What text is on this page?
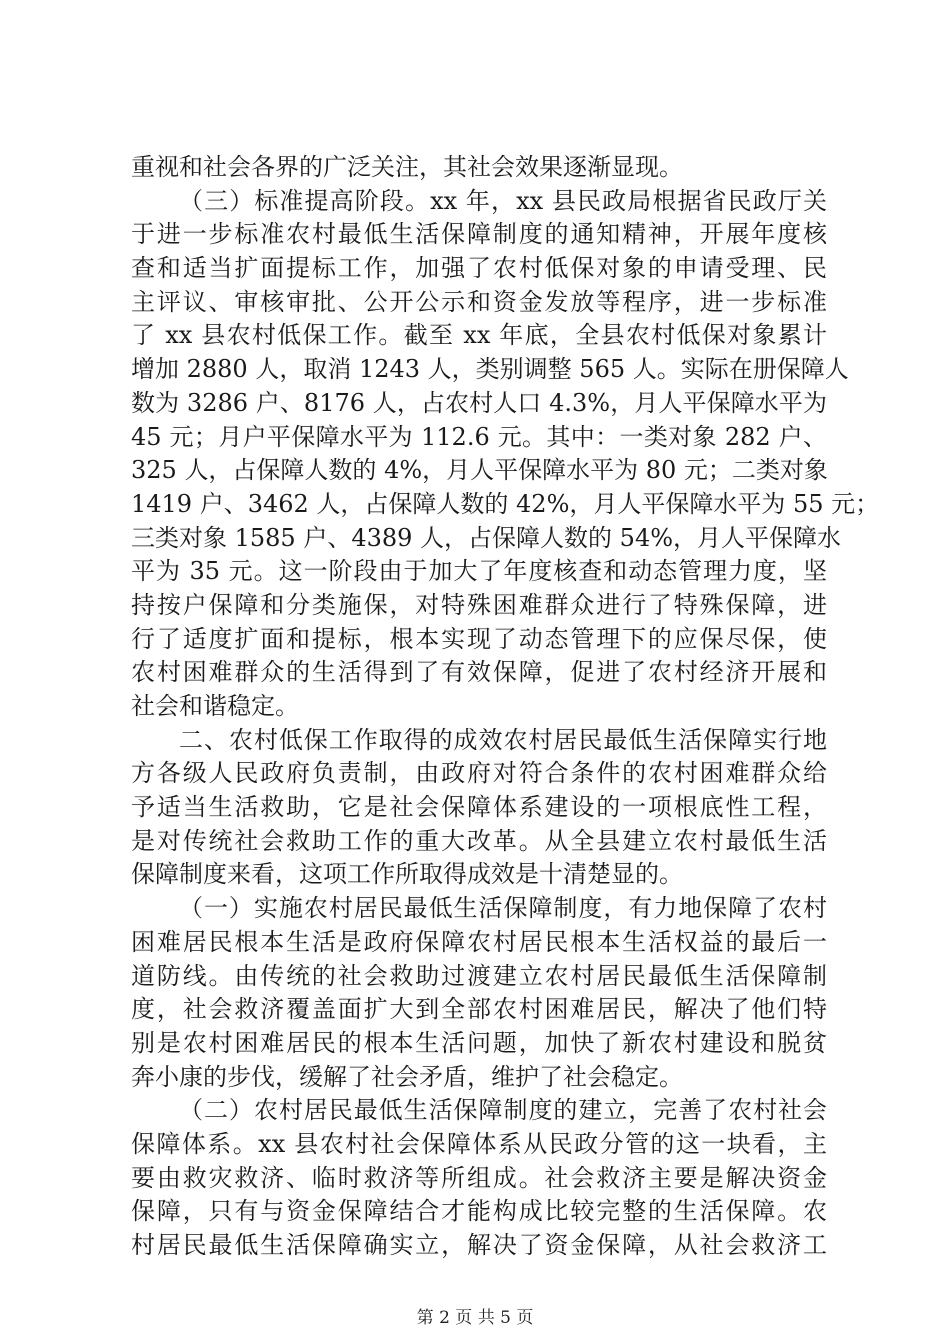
重视和社会各界的广泛关注，其社会效果逐渐显现。
（三）标准提高阶段。xx 年，xx 县民政局根据省民政厅关
于进一步标准农村最低生活保障制度的通知精神，开展年度核
查和适当扩面提标工作，加强了农村低保对象的申请受理、民
主评议、审核审批、公开公示和资金发放等程序，进一步标准
了 xx 县农村低保工作。截至 xx 年底，全县农村低保对象累计
增加 2880 人，取消 1243 人，类别调整 565 人。实际在册保障人
数为 3286 户、8176 人，占农村人口 4.3%，月人平保障水平为
45 元；月户平保障水平为 112.6 元。其中：一类对象 282 户、
325 人，占保障人数的 4%，月人平保障水平为 80 元；二类对象
1419 户、3462 人，占保障人数的 42%，月人平保障水平为 55 元；
三类对象 1585 户、4389 人，占保障人数的 54%，月人平保障水
平为 35 元。这一阶段由于加大了年度核查和动态管理力度，坚
持按户保障和分类施保，对特殊困难群众进行了特殊保障，进
行了适度扩面和提标，根本实现了动态管理下的应保尽保，使
农村困难群众的生活得到了有效保障，促进了农村经济开展和
社会和谐稳定。
二、农村低保工作取得的成效农村居民最低生活保障实行地
方各级人民政府负责制，由政府对符合条件的农村困难群众给
予适当生活救助，它是社会保障体系建设的一项根底性工程，
是对传统社会救助工作的重大改革。从全县建立农村最低生活
保障制度来看，这项工作所取得成效是十清楚显的。
（一）实施农村居民最低生活保障制度，有力地保障了农村
困难居民根本生活是政府保障农村居民根本生活权益的最后一
道防线。由传统的社会救助过渡建立农村居民最低生活保障制
度，社会救济覆盖面扩大到全部农村困难居民，解决了他们特
别是农村困难居民的根本生活问题，加快了新农村建设和脱贫
奔小康的步伐，缓解了社会矛盾，维护了社会稳定。
（二）农村居民最低生活保障制度的建立，完善了农村社会
保障体系。xx 县农村社会保障体系从民政分管的这一块看，主
要由救灾救济、临时救济等所组成。社会救济主要是解决资金
保障，只有与资金保障结合才能构成比较完整的生活保障。农
村居民最低生活保障确实立，解决了资金保障，从社会救济工
第 2 页 共 5 页
